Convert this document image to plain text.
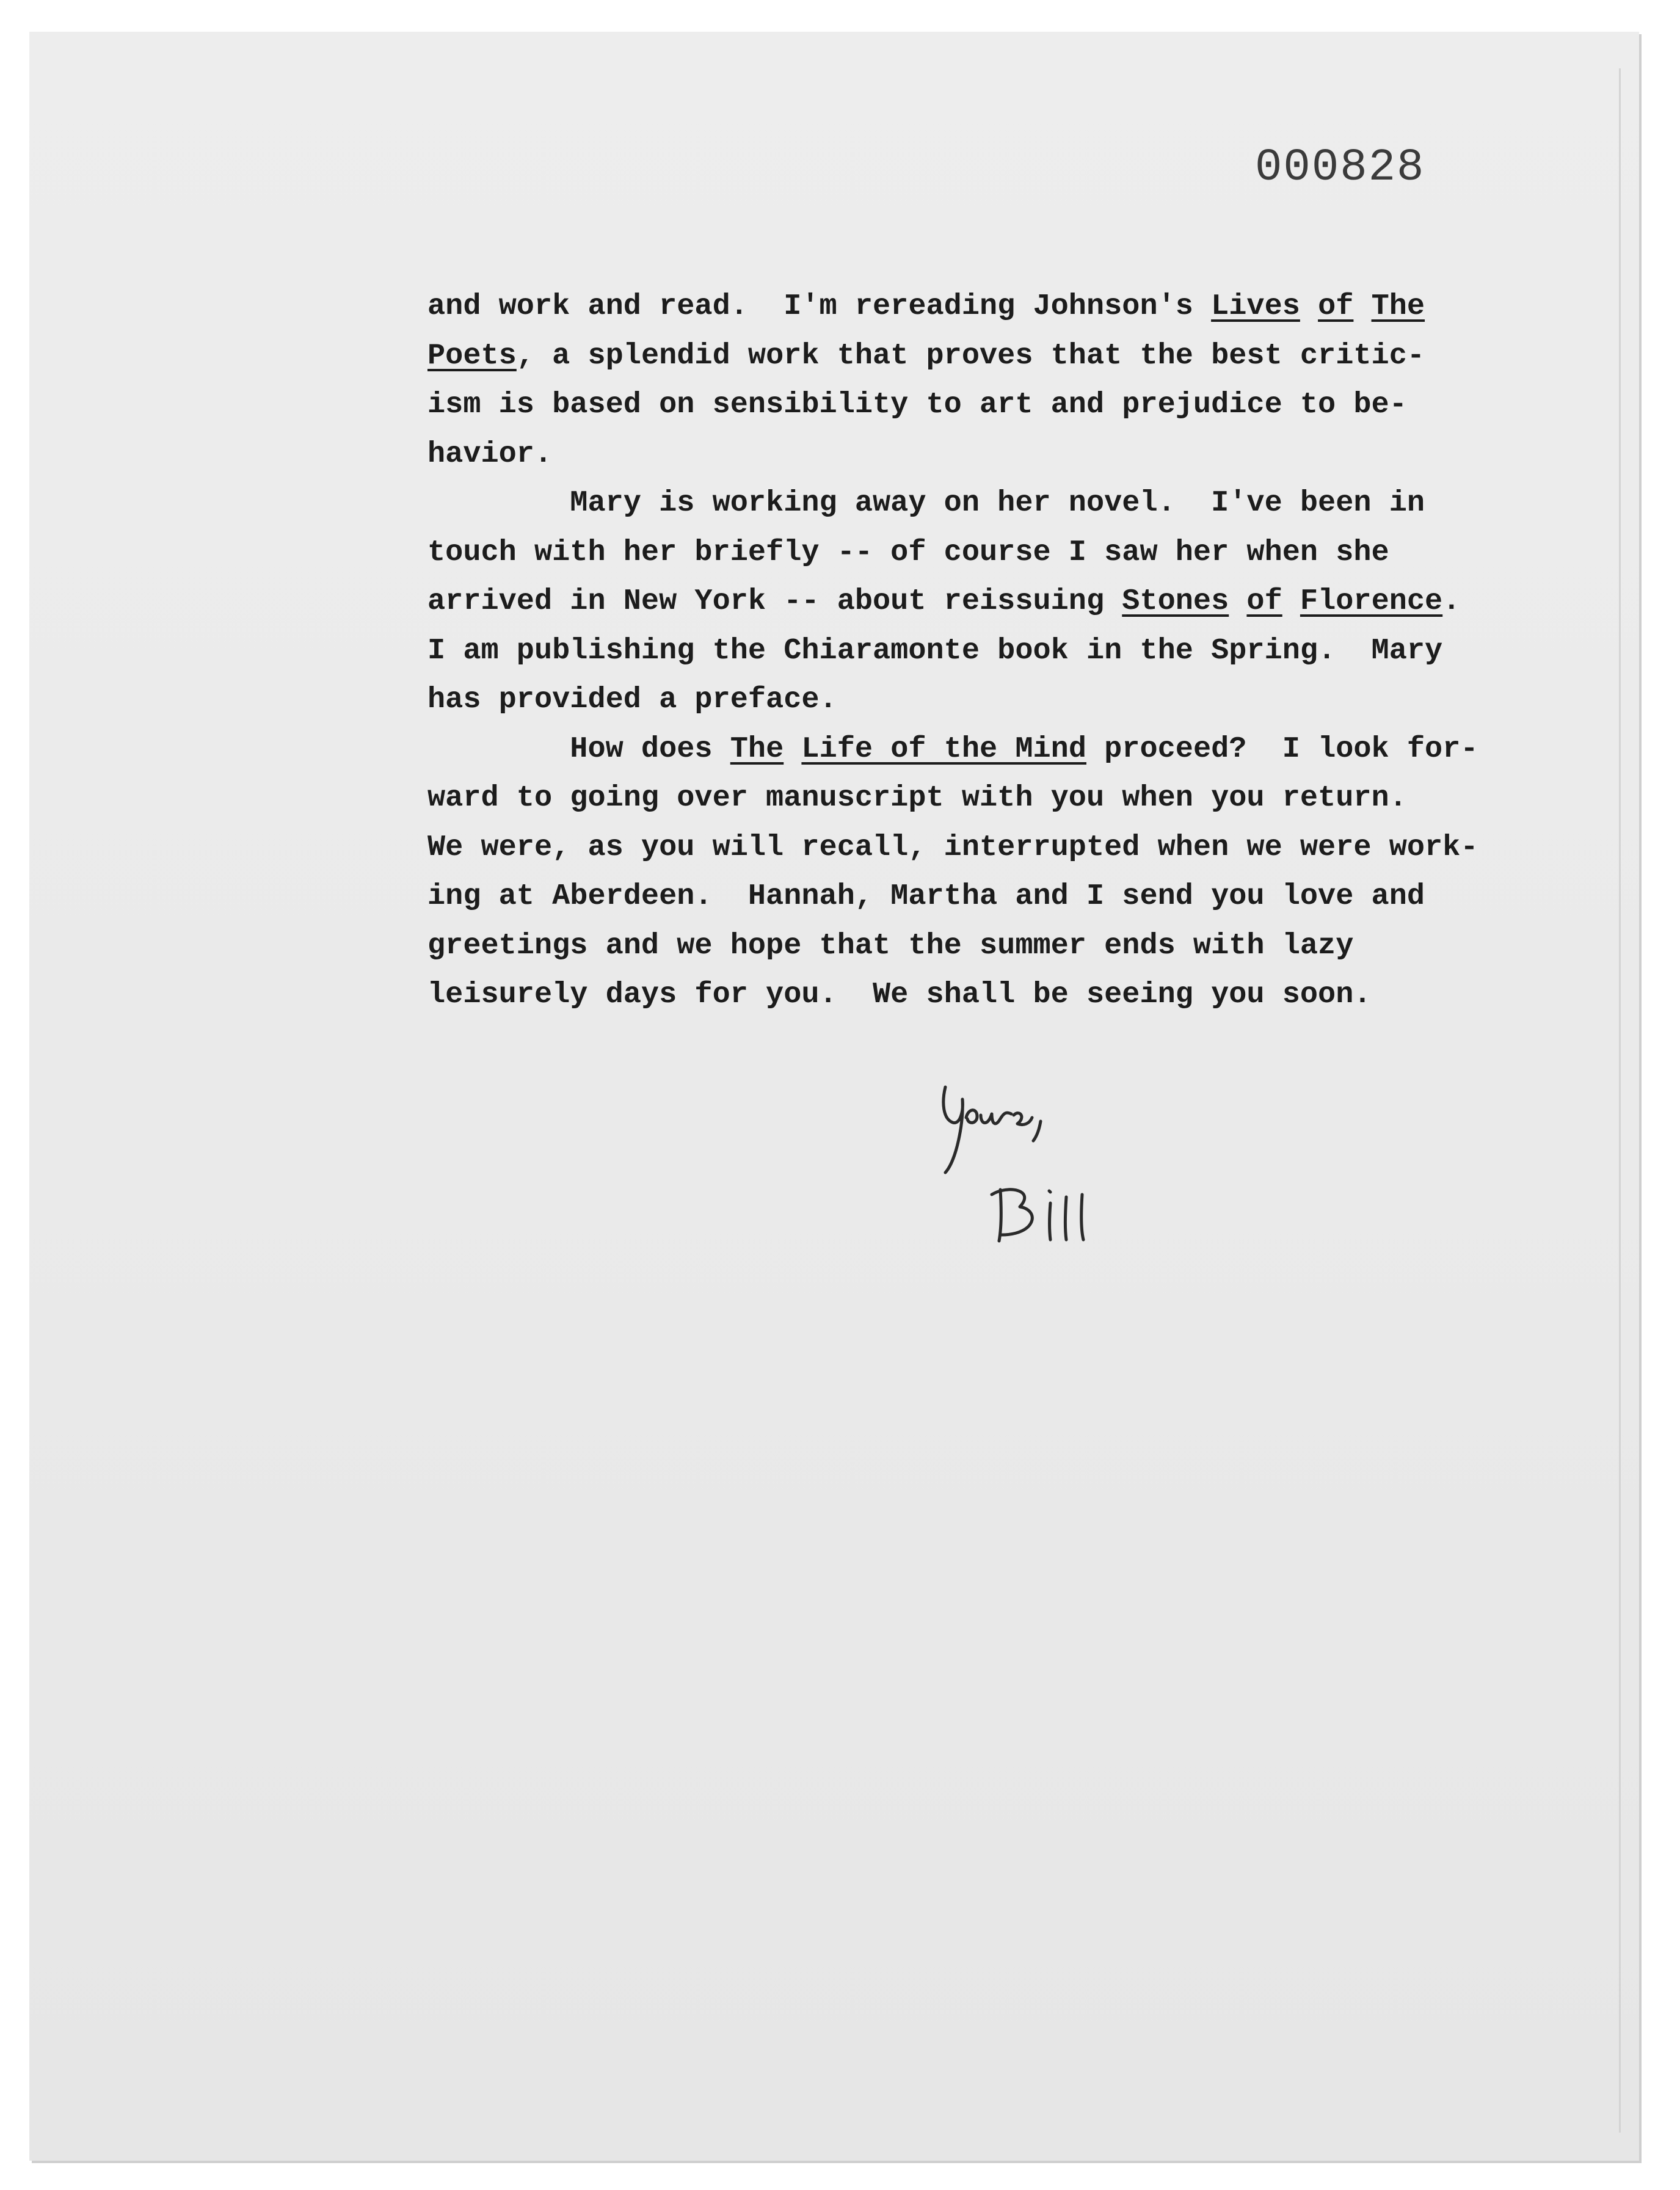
000828
and work and read.  I'm rereading Johnson's Lives of The
Poets, a splendid work that proves that the best critic-
ism is based on sensibility to art and prejudice to be-
havior.
Mary is working away on her novel.  I've been in
touch with her briefly -- of course I saw her when she
arrived in New York -- about reissuing Stones of Florence.
I am publishing the Chiaramonte book in the Spring.  Mary
has provided a preface.
How does The Life of the Mind proceed?  I look for-
ward to going over manuscript with you when you return.
We were, as you will recall, interrupted when we were work-
ing at Aberdeen.  Hannah, Martha and I send you love and
greetings and we hope that the summer ends with lazy
leisurely days for you.  We shall be seeing you soon.
